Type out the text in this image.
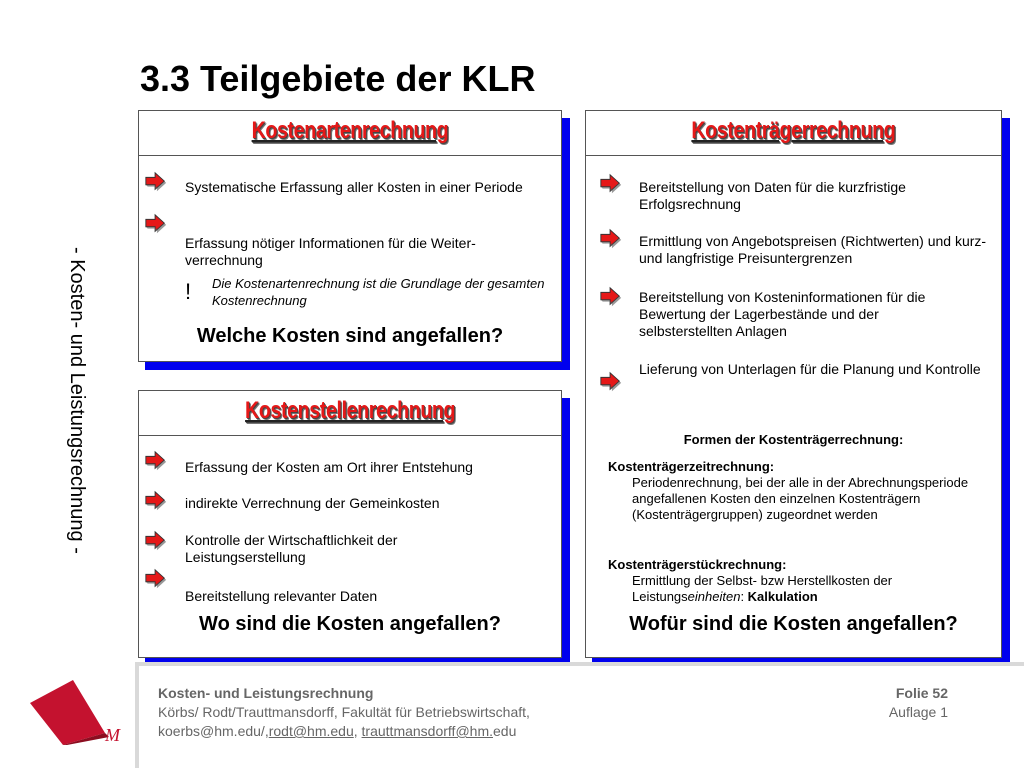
3.3 Teilgebiete der KLR
- Kosten- und Leistungsrechnung -
Kostenartenrechnung
Systematische Erfassung aller Kosten in einer Periode
Erfassung nötiger Informationen für die Weiter-verrechnung
! Die Kostenartenrechnung ist die Grundlage der gesamten Kostenrechnung
Welche Kosten sind angefallen?
Kostenstellenrechnung
Erfassung der Kosten am Ort ihrer Entstehung
indirekte Verrechnung der Gemeinkosten
Kontrolle der Wirtschaftlichkeit der Leistungserstellung
Bereitstellung relevanter Daten
Wo sind die Kosten angefallen?
Kostenträgerrechnung
Bereitstellung von Daten für die kurzfristige Erfolgsrechnung
Ermittlung von Angebotspreisen (Richtwerten) und kurz- und langfristige Preisuntergrenzen
Bereitstellung von Kosteninformationen für die Bewertung der Lagerbestände und der selbsterstellten Anlagen
Lieferung von Unterlagen für die Planung und Kontrolle
Formen der Kostenträgerrechnung:
Kostenträgerzeitrechnung:
Periodenrechnung, bei der alle in der Abrechnungsperiode angefallenen Kosten den einzelnen Kostenträgern (Kostenträgergruppen) zugeordnet werden
Kostenträgerstückrechnung:
Ermittlung der Selbst- bzw Herstellkosten der Leistungseinheiten: Kalkulation
Wofür sind die Kosten angefallen?
M
Kosten- und Leistungsrechnung
Körbs/ Rodt/Trauttmansdorff, Fakultät für Betriebswirtschaft,
koerbs@hm.edu/,rodt@hm.edu, trauttmansdorff@hm.edu
Folie 52
Auflage 1
